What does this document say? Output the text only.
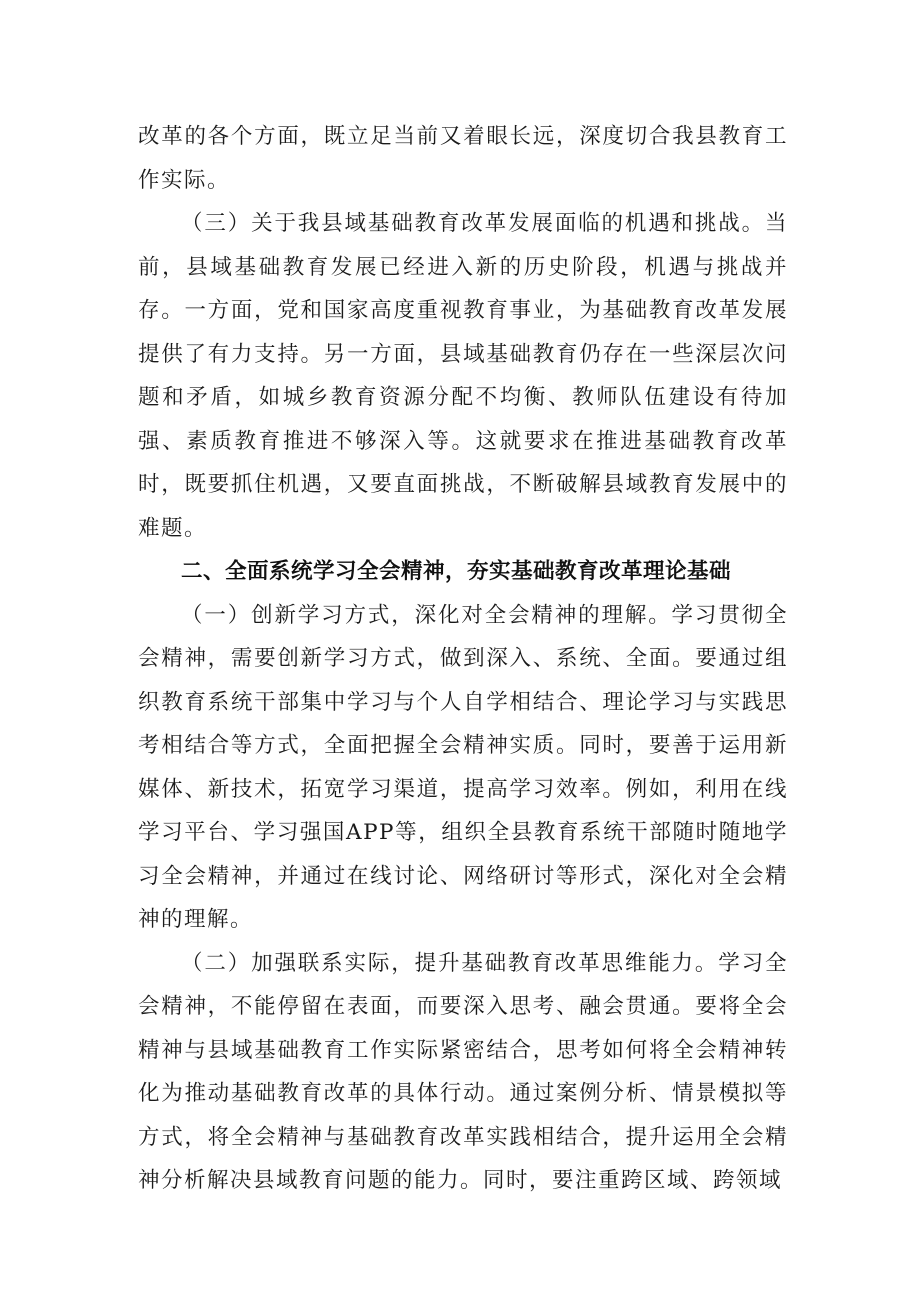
改革的各个方面，既立足当前又着眼长远，深度切合我县教育工作实际。

（三）关于我县域基础教育改革发展面临的机遇和挑战。当前，县域基础教育发展已经进入新的历史阶段，机遇与挑战并存。一方面，党和国家高度重视教育事业，为基础教育改革发展提供了有力支持。另一方面，县域基础教育仍存在一些深层次问题和矛盾，如城乡教育资源分配不均衡、教师队伍建设有待加强、素质教育推进不够深入等。这就要求在推进基础教育改革时，既要抓住机遇，又要直面挑战，不断破解县域教育发展中的难题。

二、全面系统学习全会精神，夯实基础教育改革理论基础

（一）创新学习方式，深化对全会精神的理解。学习贯彻全会精神，需要创新学习方式，做到深入、系统、全面。要通过组织教育系统干部集中学习与个人自学相结合、理论学习与实践思考相结合等方式，全面把握全会精神实质。同时，要善于运用新媒体、新技术，拓宽学习渠道，提高学习效率。例如，利用在线学习平台、学习强国APP等，组织全县教育系统干部随时随地学习全会精神，并通过在线讨论、网络研讨等形式，深化对全会精神的理解。

（二）加强联系实际，提升基础教育改革思维能力。学习全会精神，不能停留在表面，而要深入思考、融会贯通。要将全会精神与县域基础教育工作实际紧密结合，思考如何将全会精神转化为推动基础教育改革的具体行动。通过案例分析、情景模拟等方式，将全会精神与基础教育改革实践相结合，提升运用全会精神分析解决县域教育问题的能力。同时，要注重跨区域、跨领域
